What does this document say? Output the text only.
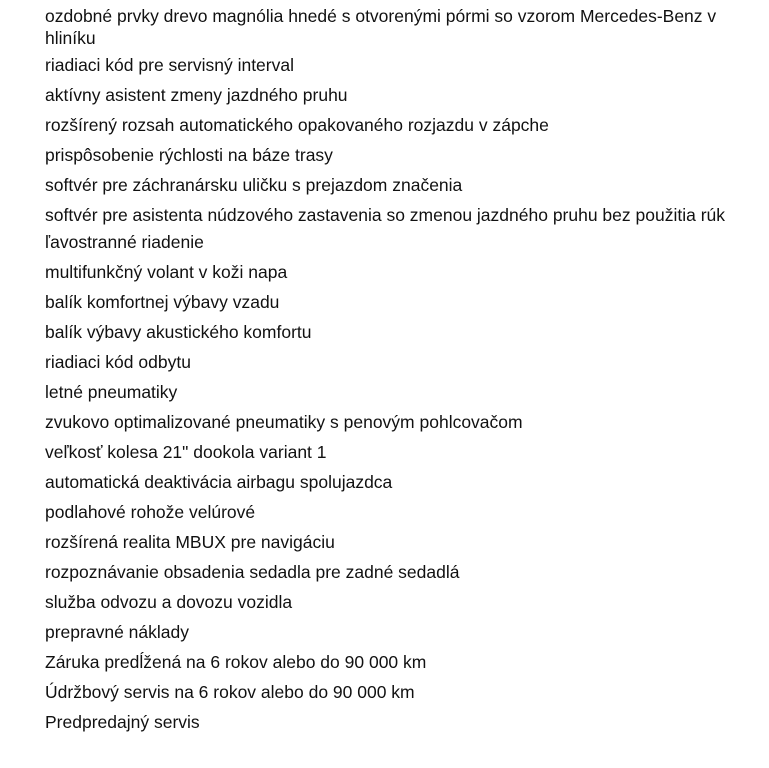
ozdobné prvky drevo magnólia hnedé s otvorenými pórmi so vzorom Mercedes-Benz v hliníku
riadiaci kód pre servisný interval
aktívny asistent zmeny jazdného pruhu
rozšírený rozsah automatického opakovaného rozjazdu v zápche
prispôsobenie rýchlosti na báze trasy
softvér pre záchranársku uličku s prejazdom značenia
softvér pre asistenta núdzového zastavenia so zmenou jazdného pruhu bez použitia rúk
ľavostranné riadenie
multifunkčný volant v koži napa
balík komfortnej výbavy vzadu
balík výbavy akustického komfortu
riadiaci kód odbytu
letné pneumatiky
zvukovo optimalizované pneumatiky s penovým pohlcovačom
veľkosť kolesa 21" dookola variant 1
automatická deaktivácia airbagu spolujazdca
podlahové rohože velúrové
rozšírená realita MBUX pre navigáciu
rozpoznávanie obsadenia sedadla pre zadné sedadlá
služba odvozu a dovozu vozidla
prepravné náklady
Záruka predĺžená na 6 rokov alebo do 90 000 km
Údržbový servis na 6 rokov alebo do 90 000 km
Predpredajný servis
